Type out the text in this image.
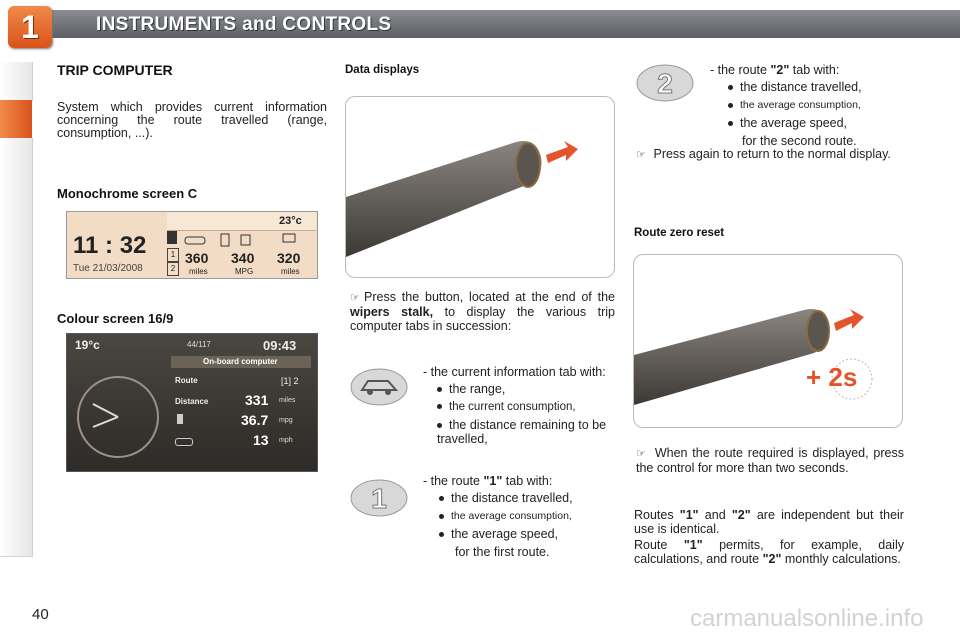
1	INSTRUMENTS and CONTROLS
TRIP COMPUTER
System which provides current information concerning the route travelled (range, consumption, ...).
Monochrome screen C
11 : 32
Tue 21/03/2008
23°c
1
2
360 340 320
miles	MPG	miles
Colour screen 16/9
19°c	44/117	09:43
On-board computer
Route	[1] 2
Distance	331 miles
36.7 mpg
13 mph
Data displays
☞ Press the button, located at the end of the wipers stalk, to display the various trip computer tabs in succession:
- the current information tab with:
the range,
the current consumption,
the distance remaining to be travelled,
1
- the route "1" tab with:
the distance travelled,
the average consumption,
the average speed,
for the first route.
2	- the route "2" tab with:
the distance travelled,
the average consumption,
the average speed,
for the second route.
☞ Press again to return to the normal display.
Route zero reset
+ 2s
☞ When the route required is displayed, press the control for more than two seconds.
Routes "1" and "2" are independent but their use is identical.
Route "1" permits, for example, daily calculations, and route "2" monthly calculations.
40	carmanualsonline.info
